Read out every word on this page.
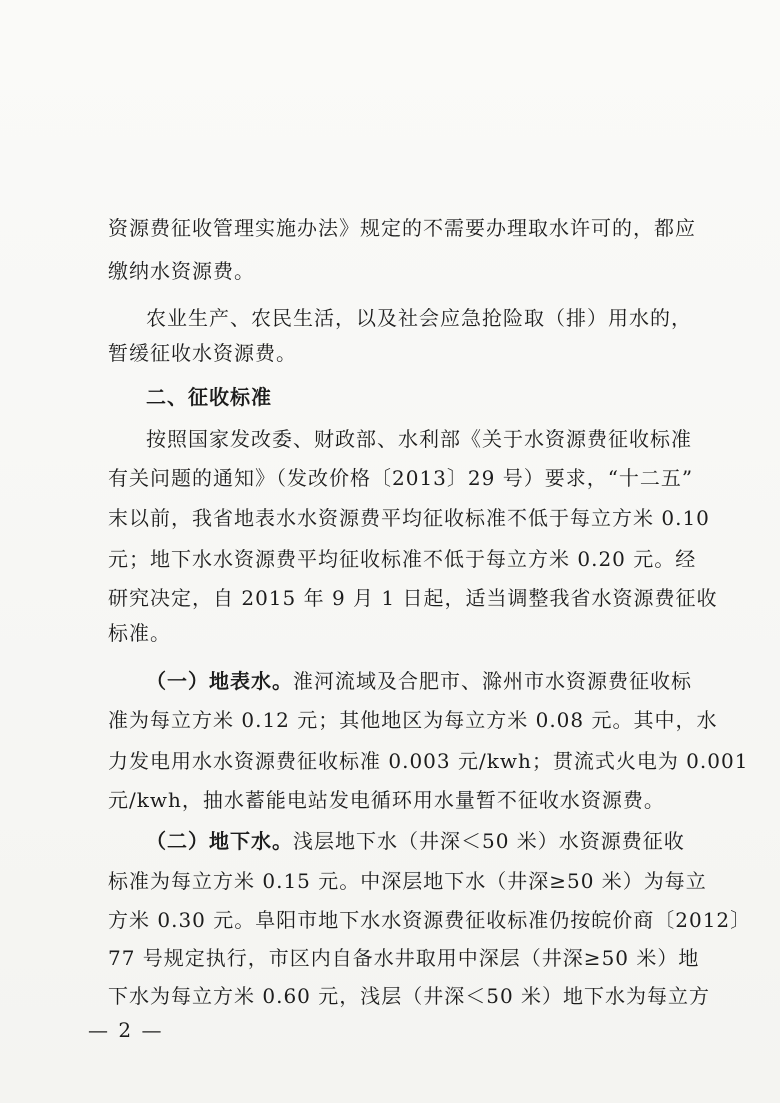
资源费征收管理实施办法》规定的不需要办理取水许可的，都应
缴纳水资源费。
农业生产、农民生活，以及社会应急抢险取（排）用水的，
暂缓征收水资源费。
二、征收标准
按照国家发改委、财政部、水利部《关于水资源费征收标准
有关问题的通知》（发改价格〔2013〕29 号）要求，“十二五”
末以前，我省地表水水资源费平均征收标准不低于每立方米 0.10
元；地下水水资源费平均征收标准不低于每立方米 0.20 元。经
研究决定，自 2015 年 9 月 1 日起，适当调整我省水资源费征收
标准。
（一）地表水。淮河流域及合肥市、滁州市水资源费征收标
准为每立方米 0.12 元；其他地区为每立方米 0.08 元。其中，水
力发电用水水资源费征收标准 0.003 元/kwh；贯流式火电为 0.001
元/kwh，抽水蓄能电站发电循环用水量暂不征收水资源费。
（二）地下水。浅层地下水（井深＜50 米）水资源费征收
标准为每立方米 0.15 元。中深层地下水（井深≥50 米）为每立
方米 0.30 元。阜阳市地下水水资源费征收标准仍按皖价商〔2012〕
77 号规定执行，市区内自备水井取用中深层（井深≥50 米）地
下水为每立方米 0.60 元，浅层（井深＜50 米）地下水为每立方
— 2 —
